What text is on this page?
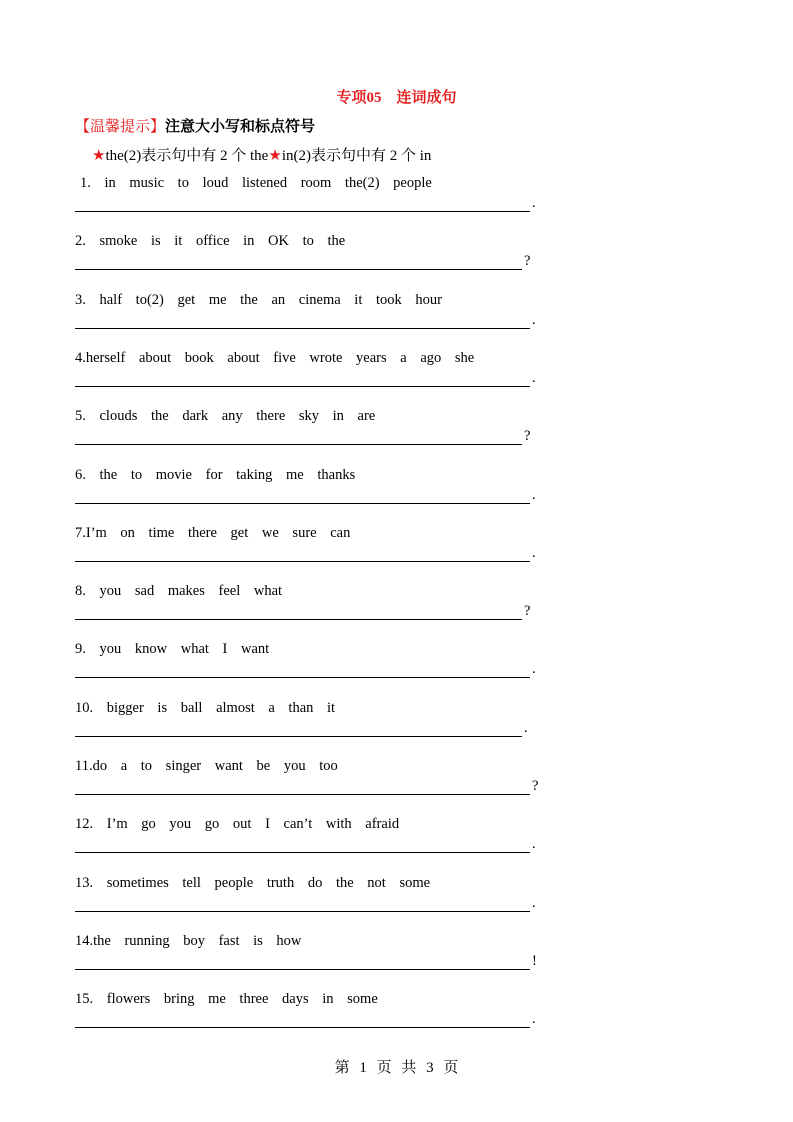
专项05　连词成句
【温馨提示】注意大小写和标点符号
★the(2)表示句中有 2 个 the★in(2)表示句中有 2 个 in
1. in music to loud listened room the(2) people
.
2. smoke is it office in OK to the
?
3. half to(2) get me the an cinema it took hour
.
4.herself about book about five wrote years a ago she
.
5. clouds the dark any there sky in are
?
6. the to movie for taking me thanks
.
7.I’m on time there get we sure can
.
8. you sad makes feel what
?
9. you know what I want
.
10. bigger is ball almost a than it
.
11.do a to singer want be you too
?
12. I’m go you go out I can’t with afraid
.
13. sometimes tell people truth do the not some
.
14.the running boy fast is how
!
15. flowers bring me three days in some
.
第 1 页 共 3 页
